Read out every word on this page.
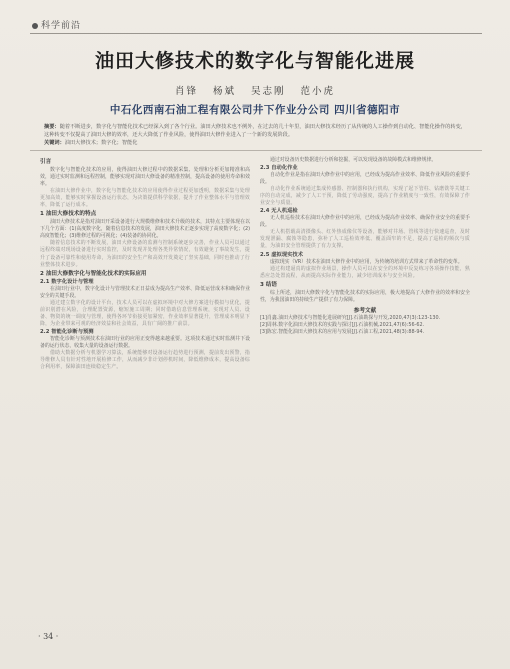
科学前沿
油田大修技术的数字化与智能化进展
肖锋 杨斌 吴志刚 范小虎
中石化西南石油工程有限公司井下作业分公司 四川省德阳市
摘要：随着不断进步，数字化与智能化技术已经深入到了各个行业。油田大修技术也不例外，在过去的几十年里，油田大修技术经历了从传统的人工操作到自动化、智能化操作的转变，这种转变不仅提高了油田大修的效率，还大大降低了作业风险，使得油田大修作业进入了一个新的发展阶段。
关键词：油田大修技术；数字化；智能化
引言

数字化与智能化技术的应用，使得油田大修过程中的数据采集、处理和分析更加精准和高效，通过实时监测和远程控制，能够实现对油田大修设备的精准控制，提高设备的使用寿命和效率。

在油田大修作业中，数字化与智能化技术的应用使得作业过程更加透明，数据采集与处理更加高效，能够实时掌握设备运行状态，为决策提供科学依据，提升了作业整体水平与管理效率，降低了运行成本。

1 油田大修技术的特点

油田大修技术是指对油田开采设备进行大规模维修和技术升级的技术，其特点主要体现在以下几个方面：(1)高度数字化，随着信息技术的发展，油田大修技术正逐步实现了高度数字化；(2)高度智能化；(3)维修过程的可视化；(4)装备的协同化。

随着信息技术的不断发展，油田大修设备的监测与控制系统逐步完善，作业人员可以通过远程终端对现场设备进行实时监控，及时发现并处理各类异常情况，有效避免了事故发生，提升了设备可靠性和使用寿命，为油田的安全生产和高效开发奠定了坚实基础，同时也推动了行业整体技术进步。

2 油田大修数字化与智能化技术的实际应用
2.1 数字化设计与管理

在油田行业中，数字化设计与管理技术正日益成为提高生产效率、降低运营成本和确保作业安全的关键手段。

通过建立数字化的设计平台，技术人员可以在虚拟环境中对大修方案进行模拟与优化，提前识别潜在风险，合理配置资源，缩短施工周期；同时借助信息管理系统，实现对人员、设备、物资的统一调度与管理，使得各环节衔接更加紧密，作业效率显著提升，管理成本明显下降，为企业带来可观的经济效益和社会效益，具有广阔的推广前景。

2.2 智能化诊断与预测

智能化诊断与预测技术在油田行业的应用正变得越来越重要。这项技术通过实时监测井下设备的运行状态，收集大量的设备运行数据。

借助大数据分析与机器学习算法，系统能够对设备运行趋势进行预测，提前发出预警，指导维修人员有针对性地开展检修工作，从而减少非计划停机时间，降低维修成本，提高设备综合利用率，保障油田连续稳定生产。

通过对设备历史数据进行分析和挖掘，可以发现设备的故障模式和维修规律。

2.3 自动化作业

自动化作业是指在油田大修作业中的应用，已经成为提高作业效率、降低作业风险的重要手段。

自动化作业系统通过集成传感器、控制器和执行机构，实现了起下管柱、钻磨铣等关键工序的自动完成，减少了人工干预，降低了劳动强度，提高了作业精度与一致性，有效保障了作业安全与质量。

2.4 无人机巡检

无人机巡检技术在油田大修作业中的应用，已经成为提高作业效率、确保作业安全的重要手段。

无人机搭载高清摄像头、红外热成像仪等设备，能够对井场、管线等进行快速巡查，及时发现泄漏、腐蚀等隐患，弥补了人工巡检效率低、覆盖面窄的不足，提高了巡检的频次与质量，为油田安全管理提供了有力支撑。

2.5 虚拟现实技术

虚拟现实（VR）技术在油田大修作业中的应用，为传统的培训方式带来了革命性的变革。

通过构建逼真的虚拟作业场景，操作人员可以在安全的环境中反复练习各项操作技能，熟悉应急处置流程，从而提高实际作业能力，减少培训成本与安全风险。

3 结语

综上所述，油田大修数字化与智能化技术的实际应用，极大地提高了大修作业的效率和安全性，为我国油田的持续生产提供了有力保障。

参考文献
[1]肖鑫.油田大修技术与智能化进展研究[J].石油勘探与开发,2020,47(3):123-130.
[2]周林.数字化油田大修技术的实践与探讨[J].石油机械,2021,47(6):56-62.
[3]陈宏.智能化油田大修技术的应用与发展[J].石油工程,2021,48(3):88-94.
· 34 ·
